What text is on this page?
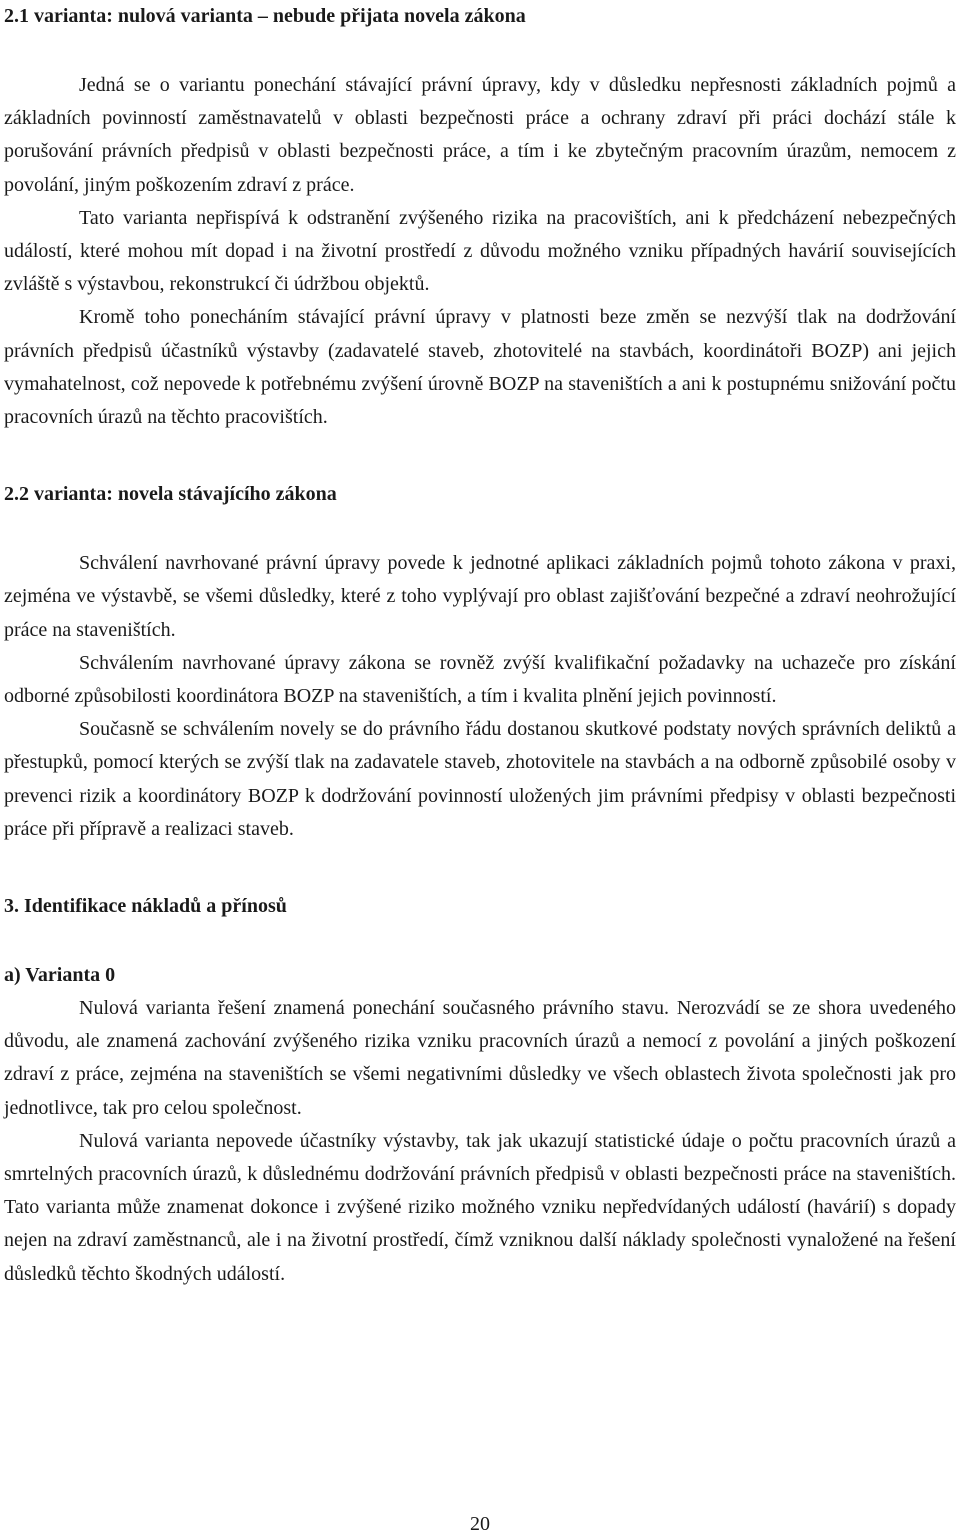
2.1 varianta: nulová varianta – nebude přijata novela zákona

Jedná se o variantu ponechání stávající právní úpravy, kdy v důsledku nepřesnosti základních pojmů a základních povinností zaměstnavatelů v oblasti bezpečnosti práce a ochrany zdraví při práci dochází stále k porušování právních předpisů v oblasti bezpečnosti práce, a tím i ke zbytečným pracovním úrazům, nemocem z povolání, jiným poškozením zdraví z práce.

Tato varianta nepřispívá k odstranění zvýšeného rizika na pracovištích, ani k předcházení nebezpečných událostí, které mohou mít dopad i na životní prostředí z důvodu možného vzniku případných havárií souvisejících zvláště s výstavbou, rekonstrukcí či údržbou objektů.

Kromě toho ponecháním stávající právní úpravy v platnosti beze změn se nezvýší tlak na dodržování právních předpisů účastníků výstavby (zadavatelé staveb, zhotovitelé na stavbách, koordinátoři BOZP) ani jejich vymahatelnost, což nepovede k potřebnému zvýšení úrovně BOZP na staveništích a ani k postupnému snižování počtu pracovních úrazů na těchto pracovištích.

2.2 varianta: novela stávajícího zákona

Schválení navrhované právní úpravy povede k jednotné aplikaci základních pojmů tohoto zákona v praxi, zejména ve výstavbě, se všemi důsledky, které z toho vyplývají pro oblast zajišťování bezpečné a zdraví neohrožující práce na staveništích.

Schválením navrhované úpravy zákona se rovněž zvýší kvalifikační požadavky na uchazeče pro získání odborné způsobilosti koordinátora BOZP na staveništích, a tím i kvalita plnění jejich povinností.

Současně se schválením novely se do právního řádu dostanou skutkové podstaty nových správních deliktů a přestupků, pomocí kterých se zvýší tlak na zadavatele staveb, zhotovitele na stavbách a na odborně způsobilé osoby v prevenci rizik a koordinátory BOZP k dodržování povinností uložených jim právními předpisy v oblasti bezpečnosti práce při přípravě a realizaci staveb.

3. Identifikace nákladů a přínosů
a) Varianta 0

Nulová varianta řešení znamená ponechání současného právního stavu. Nerozvádí se ze shora uvedeného důvodu, ale znamená zachování zvýšeného rizika vzniku pracovních úrazů a nemocí z povolání a jiných poškození zdraví z práce, zejména na staveništích se všemi negativními důsledky ve všech oblastech života společnosti jak pro jednotlivce, tak pro celou společnost.

Nulová varianta nepovede účastníky výstavby, tak jak ukazují statistické údaje o počtu pracovních úrazů a smrtelných pracovních úrazů, k důslednému dodržování právních předpisů v oblasti bezpečnosti práce na staveništích. Tato varianta může znamenat dokonce i zvýšené riziko možného vzniku nepředvídaných událostí (havárií) s dopady nejen na zdraví zaměstnanců, ale i na životní prostředí, čímž vzniknou další náklady společnosti vynaložené na řešení důsledků těchto škodných událostí.

20
